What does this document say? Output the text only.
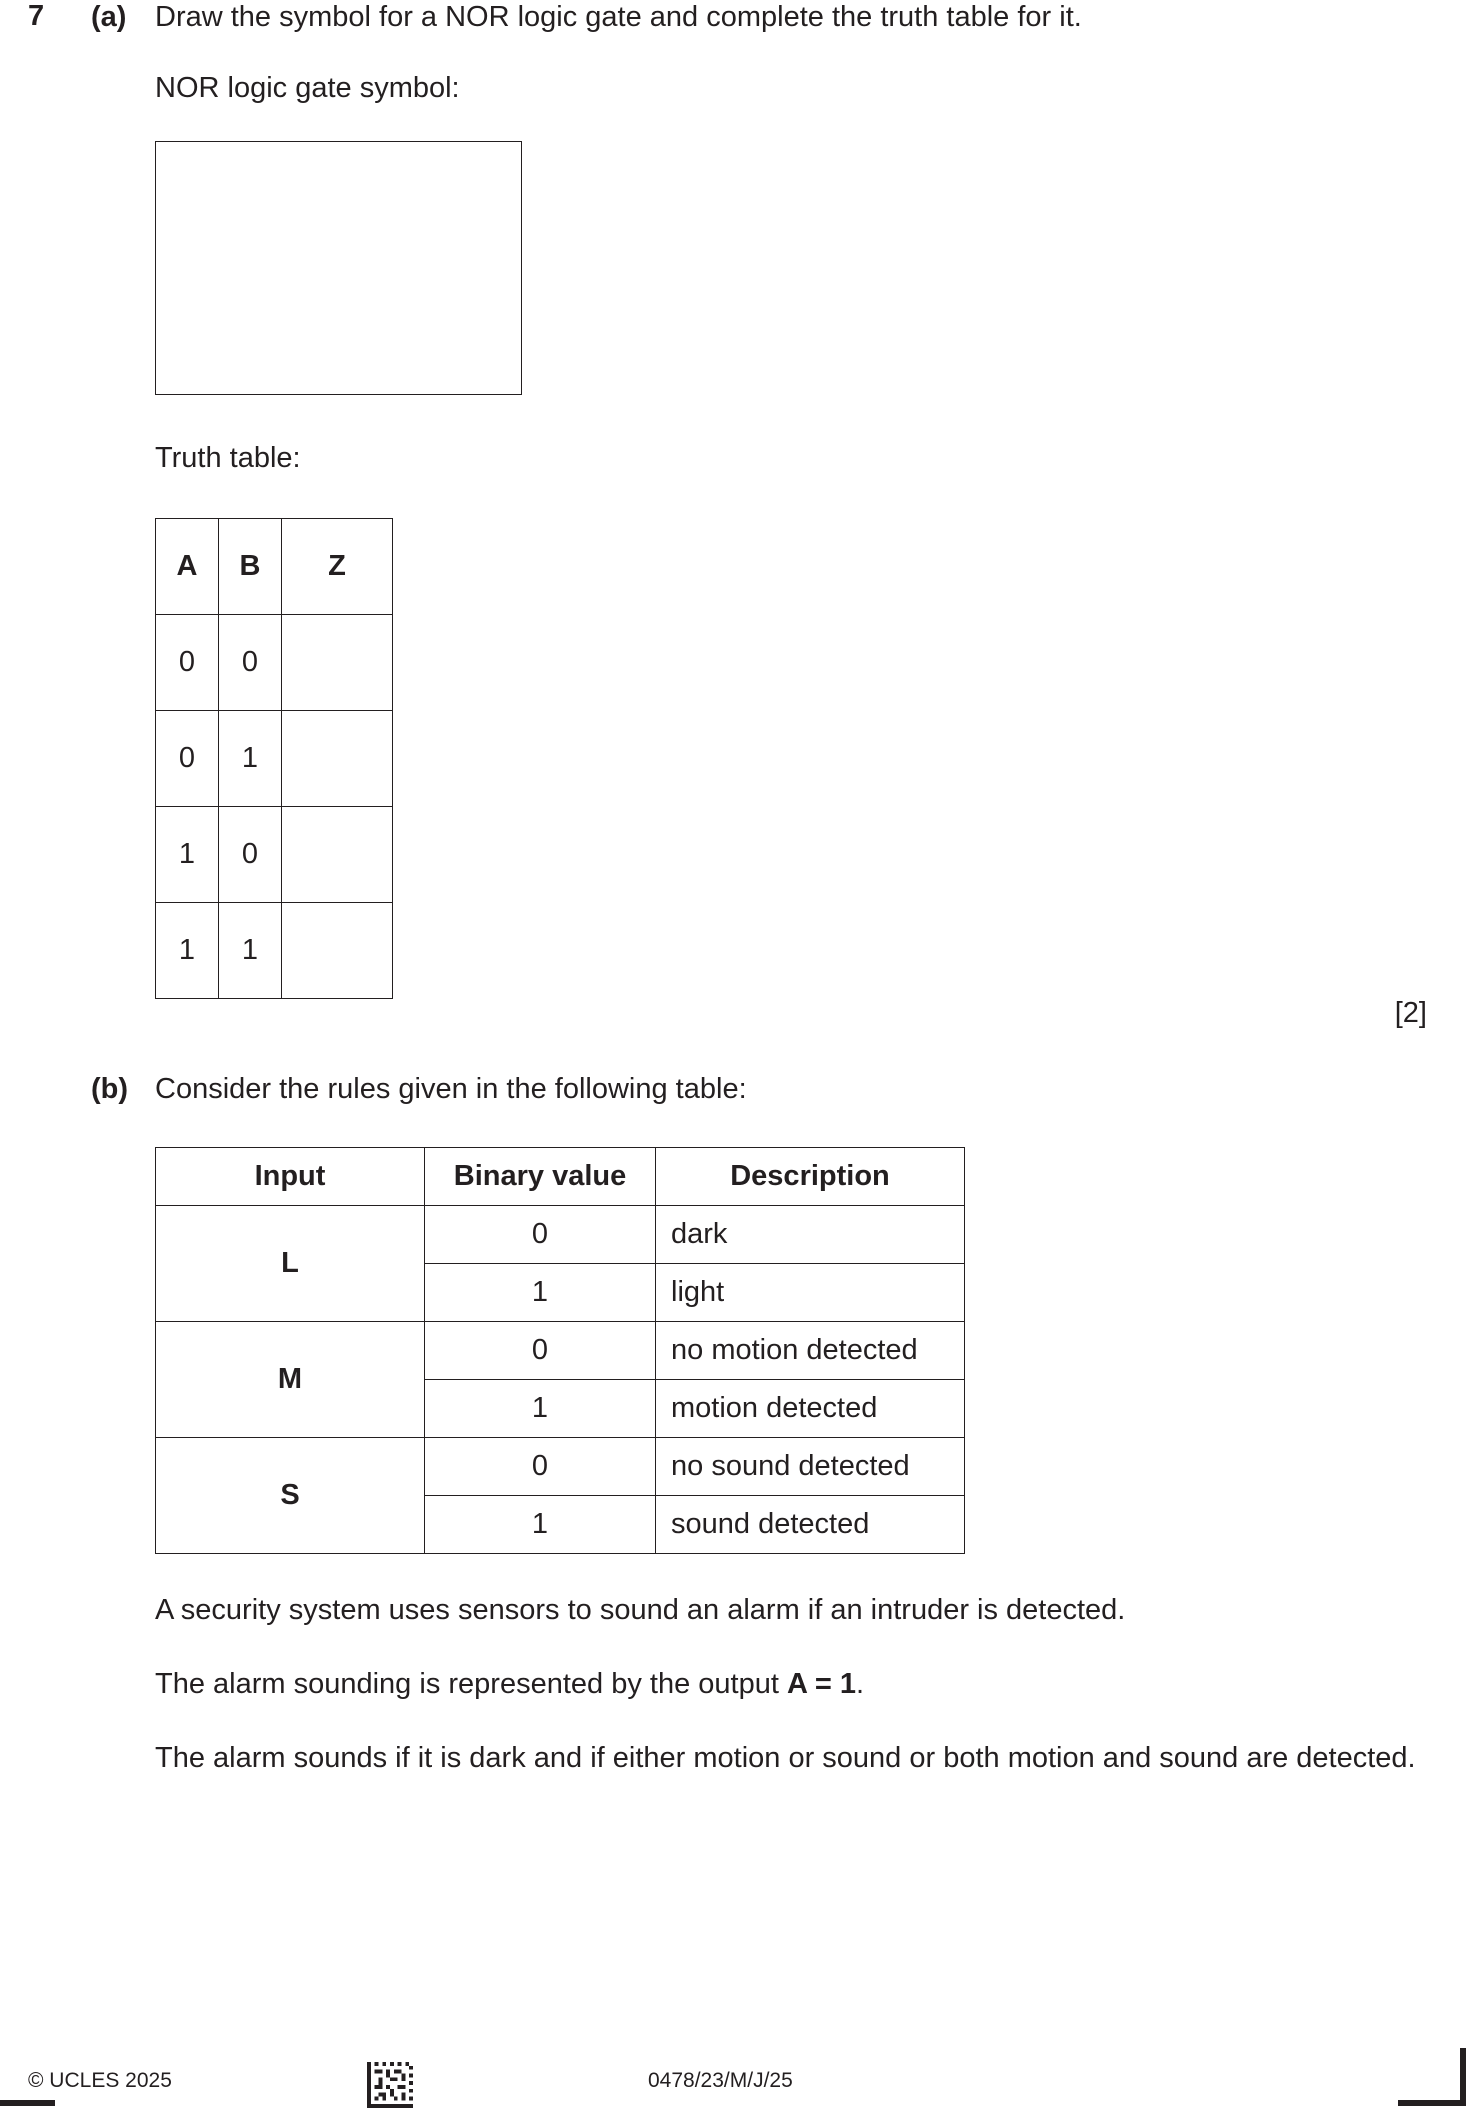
7 (a) Draw the symbol for a NOR logic gate and complete the truth table for it.
NOR logic gate symbol:
Truth table:
A	B	Z
0	0	
0	1	
1	0	
1	1	
[2]
(b) Consider the rules given in the following table:
Input	Binary value	Description
L	0	dark
	1	light
M	0	no motion detected
	1	motion detected
S	0	no sound detected
	1	sound detected
A security system uses sensors to sound an alarm if an intruder is detected.
The alarm sounding is represented by the output A = 1.
The alarm sounds if it is dark and if either motion or sound or both motion and sound are detected.
© UCLES 2025	0478/23/M/J/25
